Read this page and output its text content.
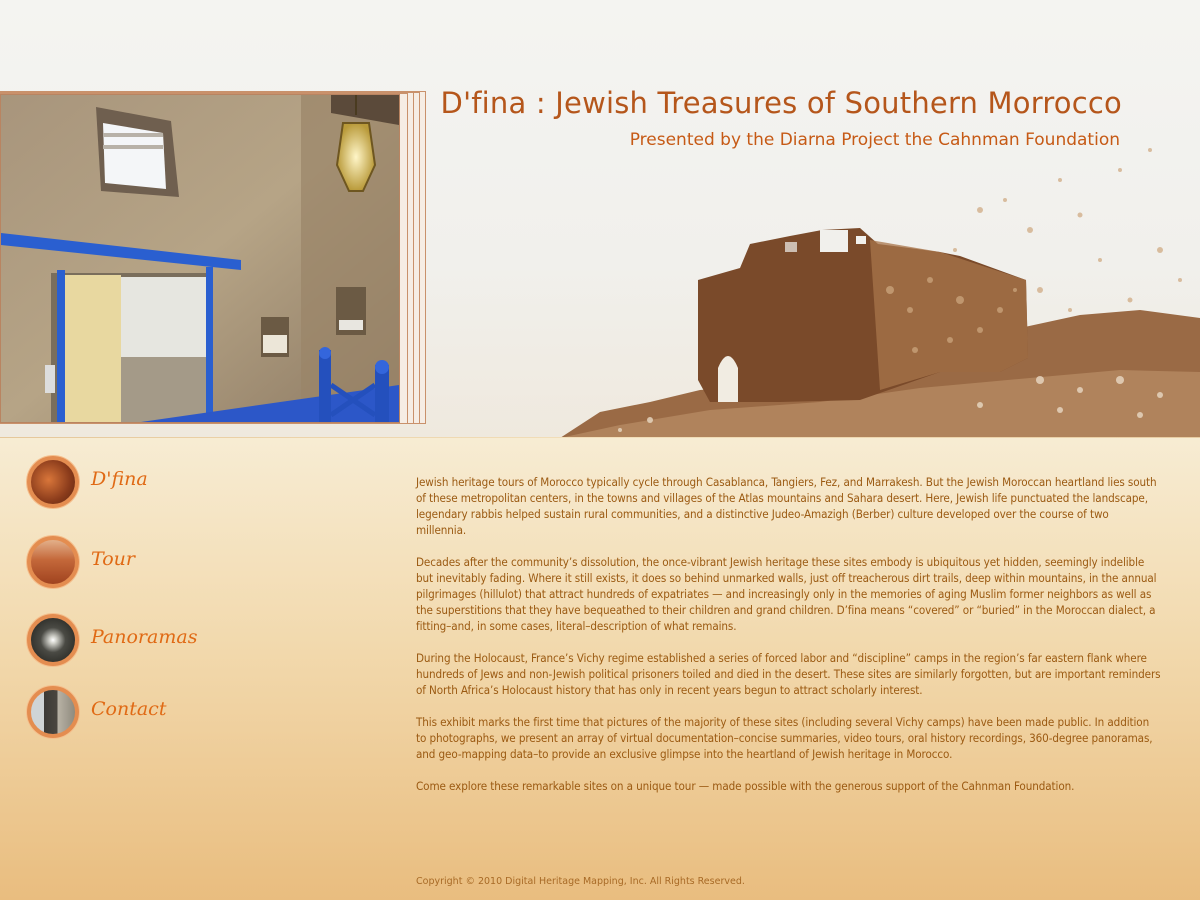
D'fina : Jewish Treasures of Southern Morrocco
Presented by the Diarna Project the Cahnman Foundation
D'fina
Tour
Panoramas
Contact

Jewish heritage tours of Morocco typically cycle through Casablanca, Tangiers, Fez, and Marrakesh. But the Jewish Moroccan heartland lies south of these metropolitan centers, in the towns and villages of the Atlas mountains and Sahara desert. Here, Jewish life punctuated the landscape, legendary rabbis helped sustain rural communities, and a distinctive Judeo-Amazigh (Berber) culture developed over the course of two millennia.

Decades after the community’s dissolution, the once-vibrant Jewish heritage these sites embody is ubiquitous yet hidden, seemingly indelible but inevitably fading. Where it still exists, it does so behind unmarked walls, just off treacherous dirt trails, deep within mountains, in the annual pilgrimages (hillulot) that attract hundreds of expatriates — and increasingly only in the memories of aging Muslim former neighbors as well as the superstitions that they have bequeathed to their children and grand children. D’fina means “covered” or “buried” in the Moroccan dialect, a fitting–and, in some cases, literal–description of what remains.

During the Holocaust, France’s Vichy regime established a series of forced labor and “discipline” camps in the region’s far eastern flank where hundreds of Jews and non-Jewish political prisoners toiled and died in the desert. These sites are similarly forgotten, but are important reminders of North Africa’s Holocaust history that has only in recent years begun to attract scholarly interest.

This exhibit marks the first time that pictures of the majority of these sites (including several Vichy camps) have been made public. In addition to photographs, we present an array of virtual documentation–concise summaries, video tours, oral history recordings, 360-degree panoramas, and geo-mapping data–to provide an exclusive glimpse into the heartland of Jewish heritage in Morocco.

Come explore these remarkable sites on a unique tour — made possible with the generous support of the Cahnman Foundation.

Copyright © 2010 Digital Heritage Mapping, Inc. All Rights Reserved.
